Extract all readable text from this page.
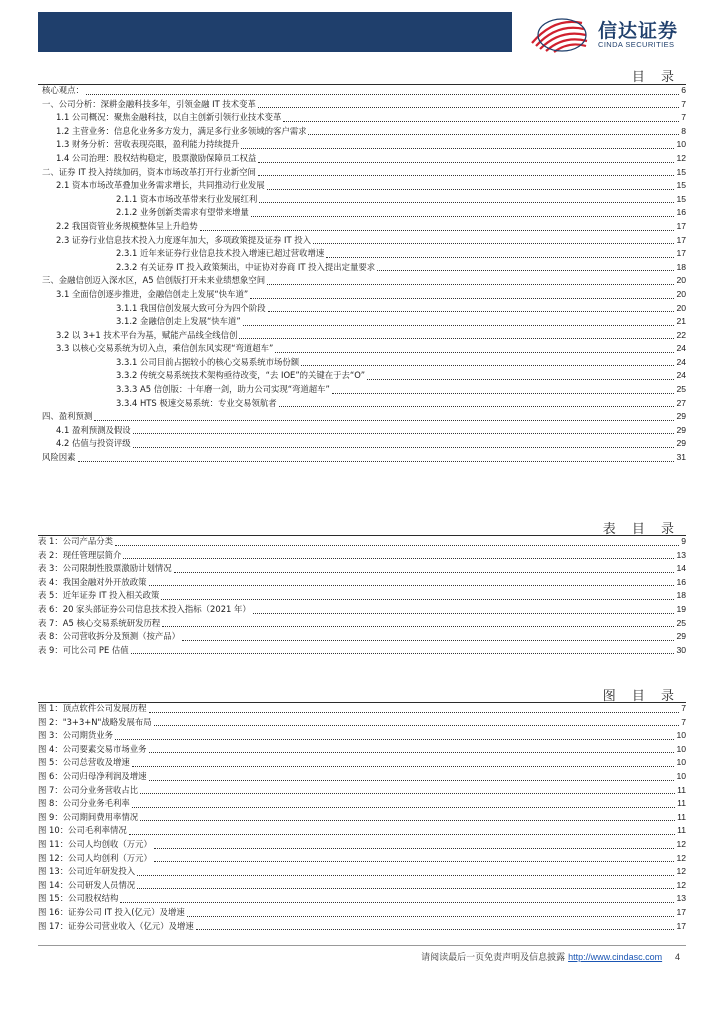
信达证券
CINDA SECURITIES
目 录
核心观点：	6
一、公司分析：深耕金融科技多年，引领金融 IT 技术变革	7
1.1 公司概况：聚焦金融科技，以自主创新引领行业技术变革	7
1.2 主营业务：信息化业务多方发力，满足多行业多领域的客户需求	8
1.3 财务分析：营收表现亮眼，盈利能力持续提升	10
1.4 公司治理：股权结构稳定，股票激励保障员工权益	12
二、证券 IT 投入持续加码，资本市场改革打开行业新空间	15
2.1 资本市场改革叠加业务需求增长，共同推动行业发展	15
2.1.1 资本市场改革带来行业发展红利	15
2.1.2 业务创新类需求有望带来增量	16
2.2 我国资管业务规模整体呈上升趋势	17
2.3 证券行业信息技术投入力度逐年加大，多项政策提及证券 IT 投入	17
2.3.1 近年来证券行业信息技术投入增速已超过营收增速	17
2.3.2 有关证券 IT 投入政策频出，中证协对券商 IT 投入提出定量要求	18
三、金融信创迈入深水区，A5 信创版打开未来业绩想象空间	20
3.1 全面信创逐步推进，金融信创走上发展“快车道”	20
3.1.1 我国信创发展大致可分为四个阶段	20
3.1.2 金融信创走上发展“快车道”	21
3.2 以 3+1 技术平台为基，赋能产品线全线信创	22
3.3 以核心交易系统为切入点，乘信创东风实现“弯道超车”	24
3.3.1 公司目前占据较小的核心交易系统市场份额	24
3.3.2 传统交易系统技术架构亟待改变，“去 IOE”的关键在于去“O”	24
3.3.3 A5 信创版：十年磨一剑，助力公司实现“弯道超车”	25
3.3.4 HTS 极速交易系统：专业交易领航者	27
四、盈利预测	29
4.1 盈利预测及假设	29
4.2 估值与投资评级	29
风险因素	31
表 目 录
表 1：公司产品分类	9
表 2：现任管理层简介	13
表 3：公司限制性股票激励计划情况	14
表 4：我国金融对外开放政策	16
表 5：近年证券 IT 投入相关政策	18
表 6：20 家头部证券公司信息技术投入指标（2021 年）	19
表 7：A5 核心交易系统研发历程	25
表 8：公司营收拆分及预测（按产品）	29
表 9：可比公司 PE 估值	30
图 目 录
图 1：顶点软件公司发展历程	7
图 2："3+3+N"战略发展布局	7
图 3：公司期货业务	10
图 4：公司要素交易市场业务	10
图 5：公司总营收及增速	10
图 6：公司归母净利润及增速	10
图 7：公司分业务营收占比	11
图 8：公司分业务毛利率	11
图 9：公司期间费用率情况	11
图 10：公司毛利率情况	11
图 11：公司人均创收（万元）	12
图 12：公司人均创利（万元）	12
图 13：公司近年研发投入	12
图 14：公司研发人员情况	12
图 15：公司股权结构	13
图 16：证券公司 IT 投入(亿元）及增速	17
图 17：证券公司营业收入（亿元）及增速	17
请阅读最后一页免责声明及信息披露 http://www.cindasc.com 4
